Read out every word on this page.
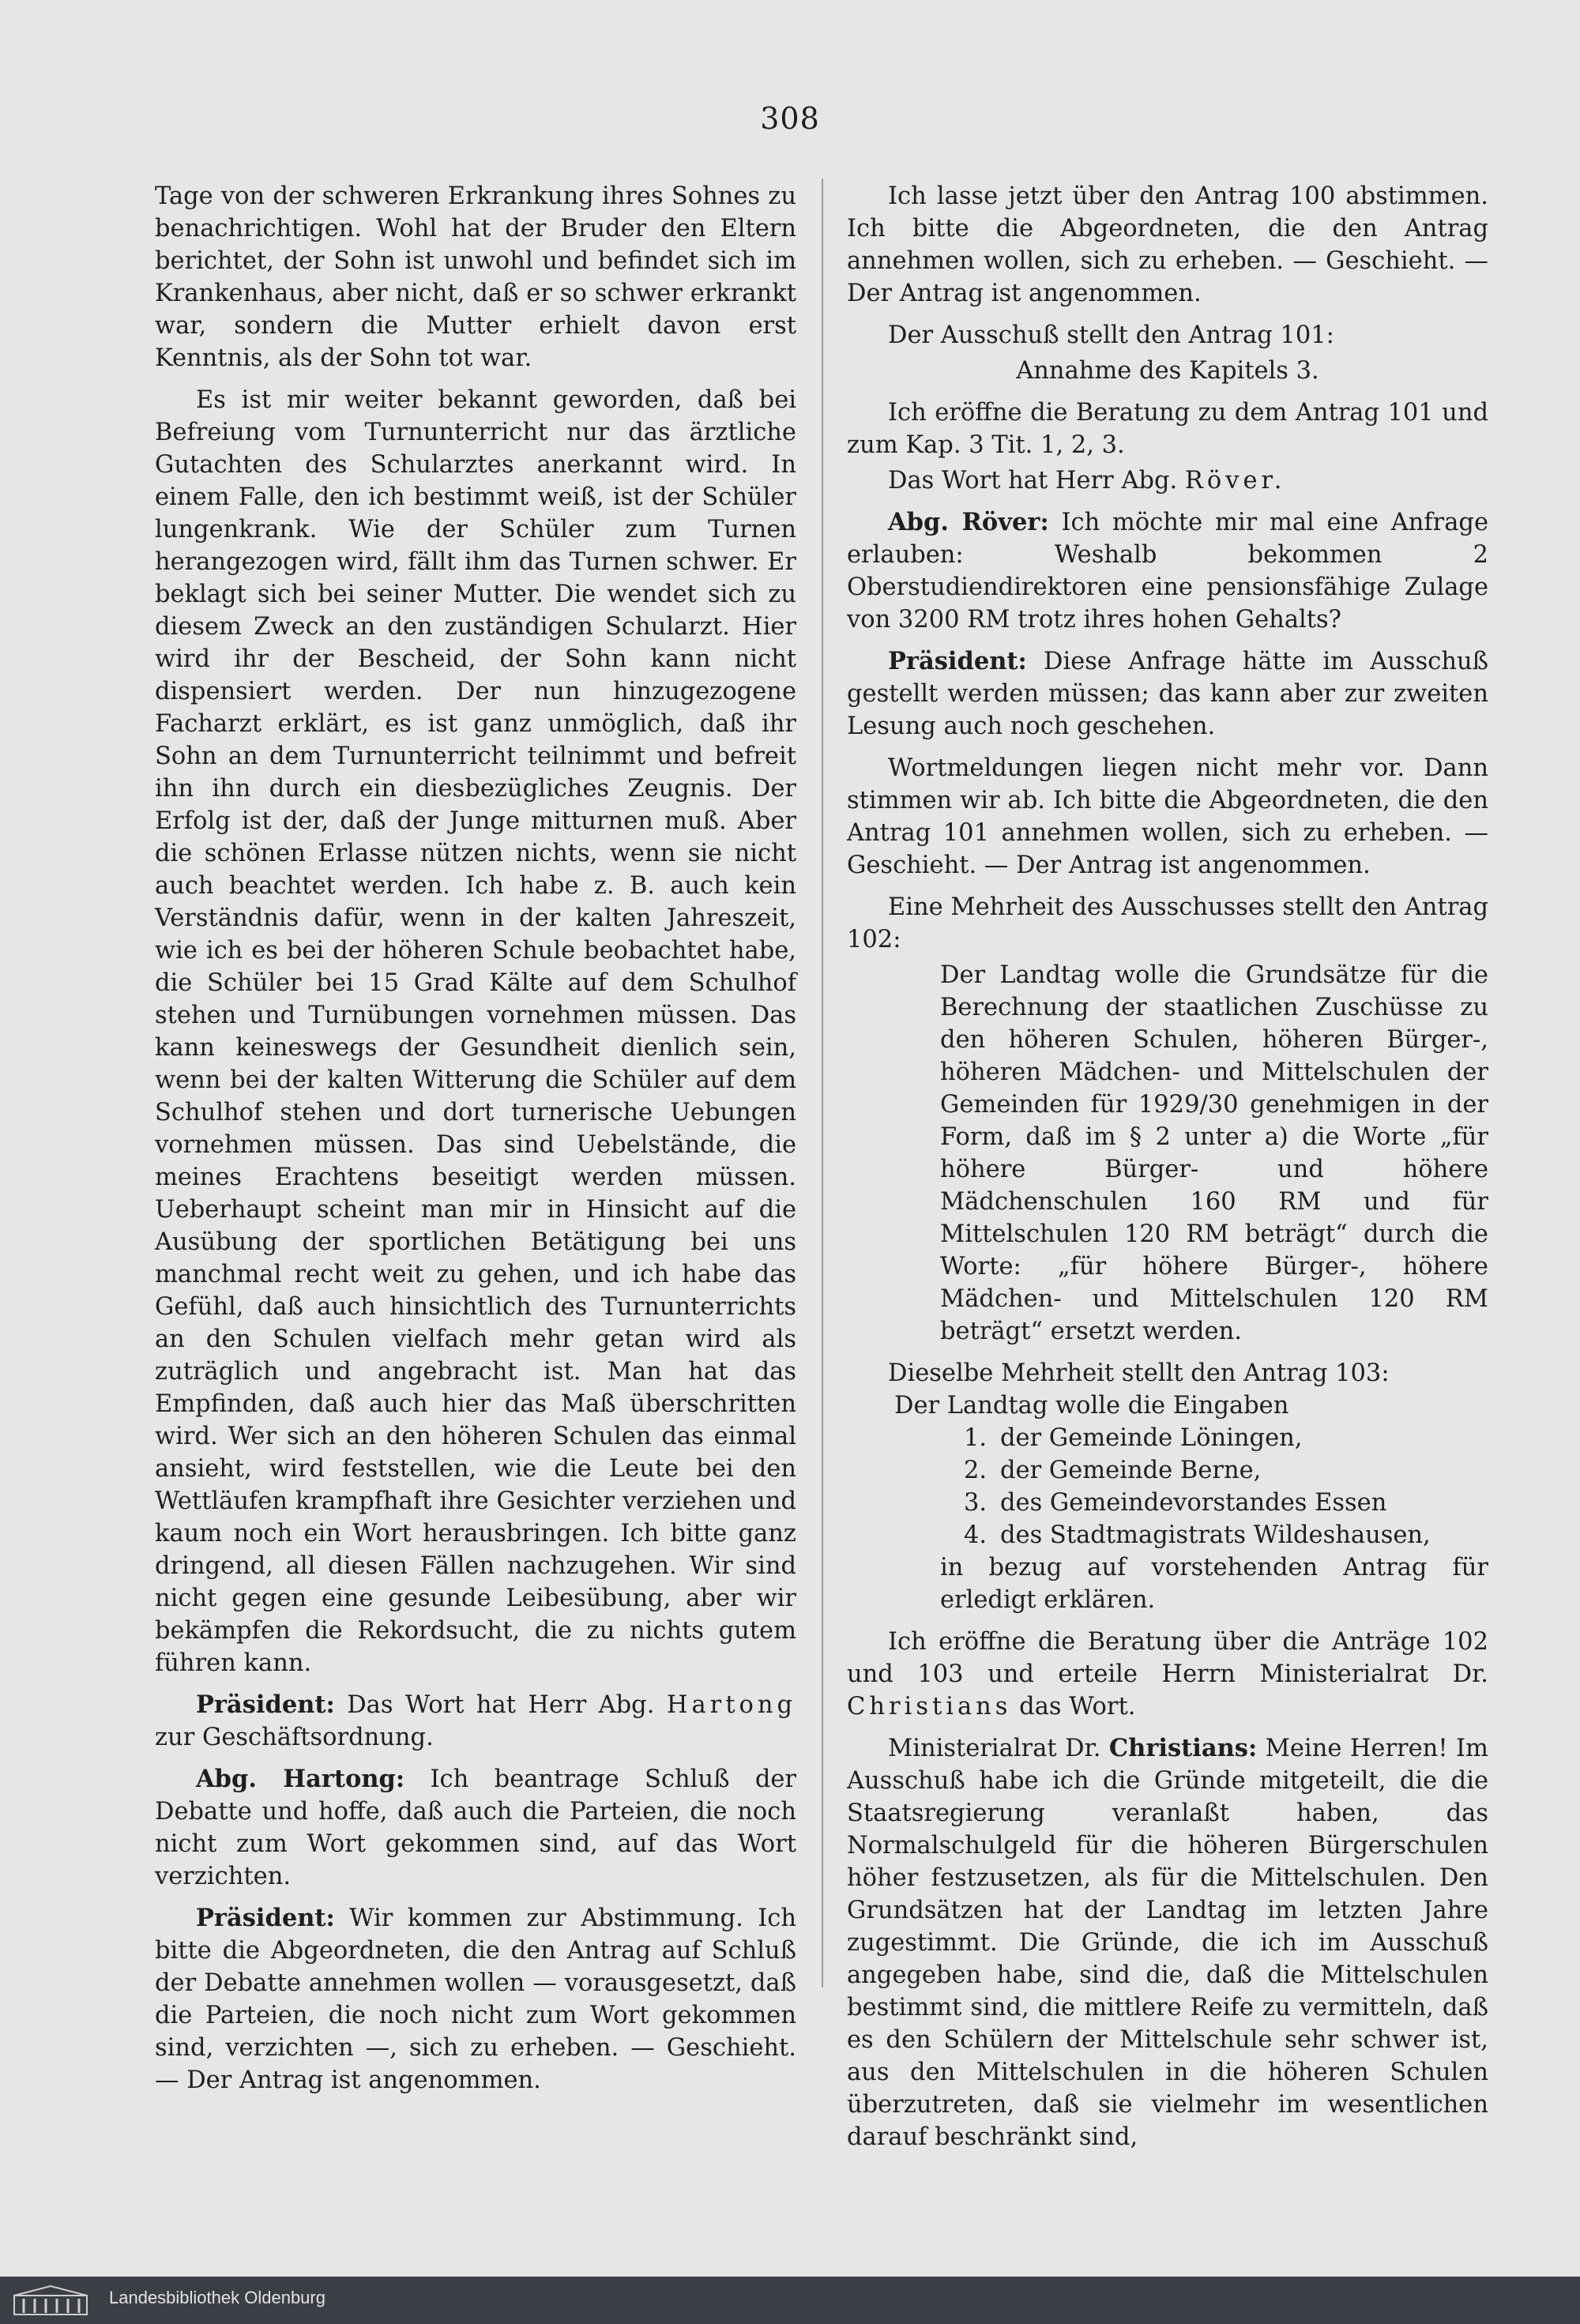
308

Tage von der schweren Erkrankung ihres Sohnes zu benachrichtigen. Wohl hat der Bruder den Eltern berichtet, der Sohn ist unwohl und befindet sich im Krankenhaus, aber nicht, daß er so schwer erkrankt war, sondern die Mutter erhielt davon erst Kenntnis, als der Sohn tot war.

Es ist mir weiter bekannt geworden, daß bei Befreiung vom Turnunterricht nur das ärztliche Gutachten des Schularztes anerkannt wird. In einem Falle, den ich bestimmt weiß, ist der Schüler lungenkrank. Wie der Schüler zum Turnen herangezogen wird, fällt ihm das Turnen schwer. Er beklagt sich bei seiner Mutter. Die wendet sich zu diesem Zweck an den zuständigen Schularzt. Hier wird ihr der Bescheid, der Sohn kann nicht dispensiert werden. Der nun hinzugezogene Facharzt erklärt, es ist ganz unmöglich, daß ihr Sohn an dem Turnunterricht teilnimmt und befreit ihn ihn durch ein diesbezügliches Zeugnis. Der Erfolg ist der, daß der Junge mitturnen muß. Aber die schönen Erlasse nützen nichts, wenn sie nicht auch beachtet werden. Ich habe z. B. auch kein Verständnis dafür, wenn in der kalten Jahreszeit, wie ich es bei der höheren Schule beobachtet habe, die Schüler bei 15 Grad Kälte auf dem Schulhof stehen und Turnübungen vornehmen müssen. Das kann keineswegs der Gesundheit dienlich sein, wenn bei der kalten Witterung die Schüler auf dem Schulhof stehen und dort turnerische Uebungen vornehmen müssen. Das sind Uebelstände, die meines Erachtens beseitigt werden müssen. Ueberhaupt scheint man mir in Hinsicht auf die Ausübung der sportlichen Betätigung bei uns manchmal recht weit zu gehen, und ich habe das Gefühl, daß auch hinsichtlich des Turnunterrichts an den Schulen vielfach mehr getan wird als zuträglich und angebracht ist. Man hat das Empfinden, daß auch hier das Maß überschritten wird. Wer sich an den höheren Schulen das einmal ansieht, wird feststellen, wie die Leute bei den Wettläufen krampfhaft ihre Gesichter verziehen und kaum noch ein Wort herausbringen. Ich bitte ganz dringend, all diesen Fällen nachzugehen. Wir sind nicht gegen eine gesunde Leibesübung, aber wir bekämpfen die Rekordsucht, die zu nichts gutem führen kann.

Präsident: Das Wort hat Herr Abg. Hartong zur Geschäftsordnung.

Abg. Hartong: Ich beantrage Schluß der Debatte und hoffe, daß auch die Parteien, die noch nicht zum Wort gekommen sind, auf das Wort verzichten.

Präsident: Wir kommen zur Abstimmung. Ich bitte die Abgeordneten, die den Antrag auf Schluß der Debatte annehmen wollen — vorausgesetzt, daß die Parteien, die noch nicht zum Wort gekommen sind, verzichten —, sich zu erheben. — Geschieht. — Der Antrag ist angenommen.

Ich lasse jetzt über den Antrag 100 abstimmen. Ich bitte die Abgeordneten, die den Antrag annehmen wollen, sich zu erheben. — Geschieht. — Der Antrag ist angenommen.

Der Ausschuß stellt den Antrag 101:

Annahme des Kapitels 3.

Ich eröffne die Beratung zu dem Antrag 101 und zum Kap. 3 Tit. 1, 2, 3.

Das Wort hat Herr Abg. Röver.

Abg. Röver: Ich möchte mir mal eine Anfrage erlauben: Weshalb bekommen 2 Oberstudiendirektoren eine pensionsfähige Zulage von 3200 RM trotz ihres hohen Gehalts?

Präsident: Diese Anfrage hätte im Ausschuß gestellt werden müssen; das kann aber zur zweiten Lesung auch noch geschehen.

Wortmeldungen liegen nicht mehr vor. Dann stimmen wir ab. Ich bitte die Abgeordneten, die den Antrag 101 annehmen wollen, sich zu erheben. — Geschieht. — Der Antrag ist angenommen.

Eine Mehrheit des Ausschusses stellt den Antrag 102:

Der Landtag wolle die Grundsätze für die Berechnung der staatlichen Zuschüsse zu den höheren Schulen, höheren Bürger-, höheren Mädchen- und Mittelschulen der Gemeinden für 1929/30 genehmigen in der Form, daß im § 2 unter a) die Worte „für höhere Bürger- und höhere Mädchenschulen 160 RM und für Mittelschulen 120 RM beträgt“ durch die Worte: „für höhere Bürger-, höhere Mädchen- und Mittelschulen 120 RM beträgt“ ersetzt werden.

Dieselbe Mehrheit stellt den Antrag 103:

Der Landtag wolle die Eingaben

1. der Gemeinde Löningen,
2. der Gemeinde Berne,
3. des Gemeindevorstandes Essen
4. des Stadtmagistrats Wildeshausen,

in bezug auf vorstehenden Antrag für erledigt erklären.

Ich eröffne die Beratung über die Anträge 102 und 103 und erteile Herrn Ministerialrat Dr. Christians das Wort.

Ministerialrat Dr. Christians: Meine Herren! Im Ausschuß habe ich die Gründe mitgeteilt, die die Staatsregierung veranlaßt haben, das Normalschulgeld für die höheren Bürgerschulen höher festzusetzen, als für die Mittelschulen. Den Grundsätzen hat der Landtag im letzten Jahre zugestimmt. Die Gründe, die ich im Ausschuß angegeben habe, sind die, daß die Mittelschulen bestimmt sind, die mittlere Reife zu vermitteln, daß es den Schülern der Mittelschule sehr schwer ist, aus den Mittelschulen in die höheren Schulen überzutreten, daß sie vielmehr im wesentlichen darauf beschränkt sind,

Landesbibliothek Oldenburg
